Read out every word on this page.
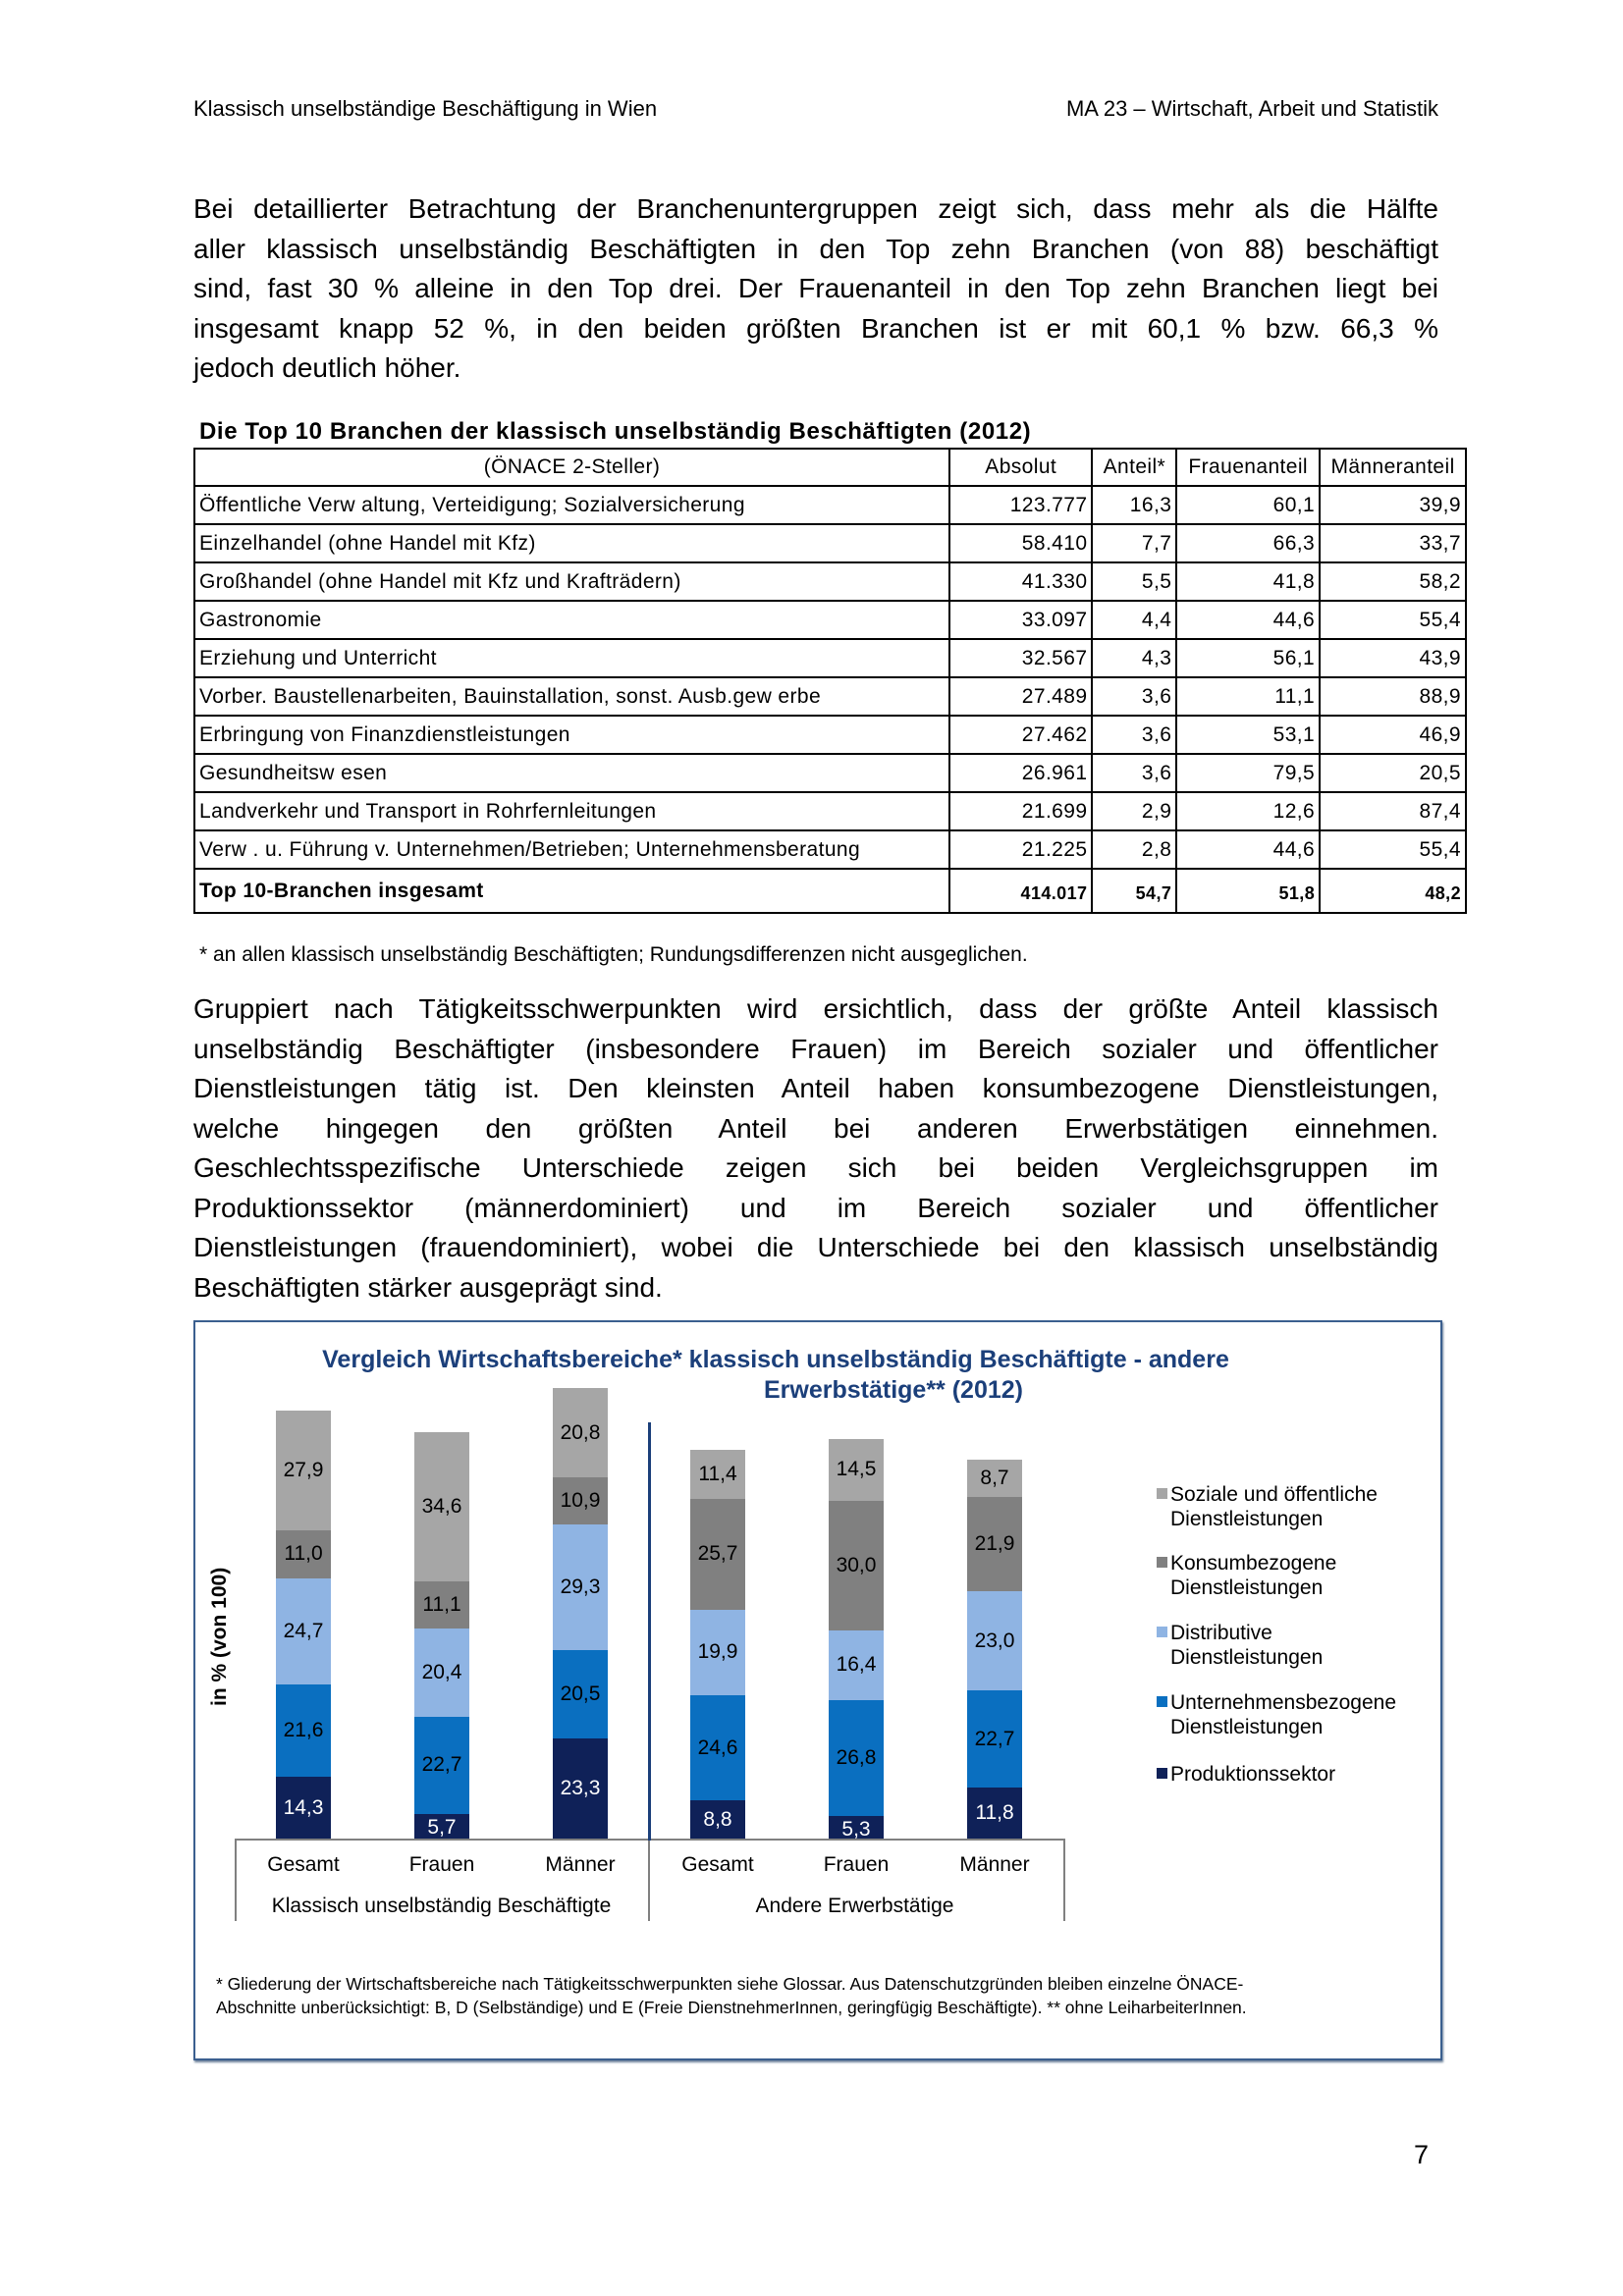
Klassisch unselbständige Beschäftigung in Wien	MA 23 – Wirtschaft, Arbeit und Statistik
Bei detaillierter Betrachtung der Branchenuntergruppen zeigt sich, dass mehr als die Hälfte
aller klassisch unselbständig Beschäftigten in den Top zehn Branchen (von 88) beschäftigt
sind, fast 30 % alleine in den Top drei. Der Frauenanteil in den Top zehn Branchen liegt bei
insgesamt knapp 52 %, in den beiden größten Branchen ist er mit 60,1 % bzw. 66,3 %
jedoch deutlich höher.
Die Top 10 Branchen der klassisch unselbständig Beschäftigten (2012)
(ÖNACE 2-Steller)	Absolut	Anteil*	Frauenanteil	Männeranteil
Öffentliche Verw altung, Verteidigung; Sozialversicherung	123.777	16,3	60,1	39,9
Einzelhandel (ohne Handel mit Kfz)	58.410	7,7	66,3	33,7
Großhandel (ohne Handel mit Kfz und Krafträdern)	41.330	5,5	41,8	58,2
Gastronomie	33.097	4,4	44,6	55,4
Erziehung und Unterricht	32.567	4,3	56,1	43,9
Vorber. Baustellenarbeiten, Bauinstallation, sonst. Ausb.gew erbe	27.489	3,6	11,1	88,9
Erbringung von Finanzdienstleistungen	27.462	3,6	53,1	46,9
Gesundheitsw esen	26.961	3,6	79,5	20,5
Landverkehr und Transport in Rohrfernleitungen	21.699	2,9	12,6	87,4
Verw . u. Führung v. Unternehmen/Betrieben; Unternehmensberatung	21.225	2,8	44,6	55,4
Top 10-Branchen insgesamt	414.017	54,7	51,8	48,2
* an allen klassisch unselbständig Beschäftigten; Rundungsdifferenzen nicht ausgeglichen.
Gruppiert nach Tätigkeitsschwerpunkten wird ersichtlich, dass der größte Anteil klassisch
unselbständig Beschäftigter (insbesondere Frauen) im Bereich sozialer und öffentlicher
Dienstleistungen tätig ist. Den kleinsten Anteil haben konsumbezogene Dienstleistungen,
welche hingegen den größten Anteil bei anderen Erwerbstätigen einnehmen.
Geschlechtsspezifische Unterschiede zeigen sich bei beiden Vergleichsgruppen im
Produktionssektor (männerdominiert) und im Bereich sozialer und öffentlicher
Dienstleistungen (frauendominiert), wobei die Unterschiede bei den klassisch unselbständig
Beschäftigten stärker ausgeprägt sind.
Vergleich Wirtschaftsbereiche* klassisch unselbständig Beschäftigte - andere
Erwerbstätige** (2012)
in % (von 100)
Gesamt	Frauen	Männer	Gesamt	Frauen	Männer
Klassisch unselbständig Beschäftigte	Andere Erwerbstätige
Soziale und öffentliche
Dienstleistungen
Konsumbezogene
Dienstleistungen
Distributive
Dienstleistungen
Unternehmensbezogene
Dienstleistungen
Produktionssektor
* Gliederung der Wirtschaftsbereiche nach Tätigkeitsschwerpunkten siehe Glossar. Aus Datenschutzgründen bleiben einzelne ÖNACE-
Abschnitte unberücksichtigt: B, D (Selbständige) und E (Freie DienstnehmerInnen, geringfügig Beschäftigte). ** ohne LeiharbeiterInnen.
7
14,3
21,6
24,7
11,0
27,9
5,7
22,7
20,4
11,1
34,6
23,3
20,5
29,3
10,9
20,8
8,8
24,6
19,9
25,7
11,4
5,3
26,8
16,4
30,0
14,5
11,8
22,7
23,0
21,9
8,7
